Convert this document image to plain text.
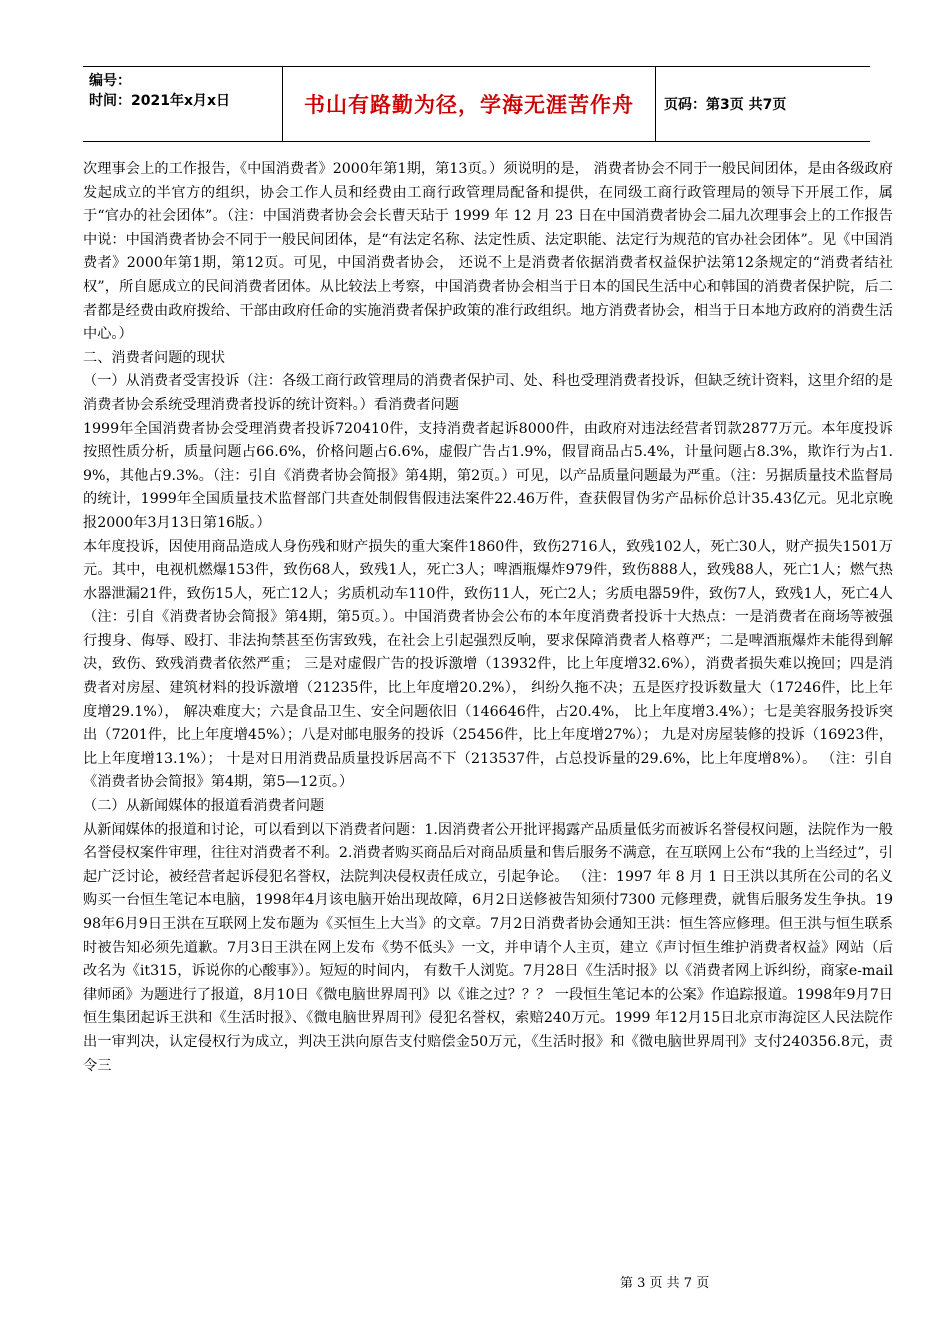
编号：
时间：2021年x月x日	书山有路勤为径，学海无涯苦作舟	页码：第3页 共7页

次理事会上的工作报告，《中国消费者》2000年第1期，第13页。）须说明的是， 消费者协会不同于一般民间团体，是由各级政府发起成立的半官方的组织，协会工作人员和经费由工商行政管理局配备和提供，在同级工商行政管理局的领导下开展工作，属于“官办的社会团体”。（注：中国消费者协会会长曹天玷于 1999 年 12 月 23 日在中国消费者协会二届九次理事会上的工作报告中说：中国消费者协会不同于一般民间团体，是“有法定名称、法定性质、法定职能、法定行为规范的官办社会团体”。见《中国消费者》2000年第1期，第12页。可见，中国消费者协会， 还说不上是消费者依据消费者权益保护法第12条规定的“消费者结社权”，所自愿成立的民间消费者团体。从比较法上考察，中国消费者协会相当于日本的国民生活中心和韩国的消费者保护院，后二者都是经费由政府拨给、干部由政府任命的实施消费者保护政策的准行政组织。地方消费者协会，相当于日本地方政府的消费生活中心。）

二、消费者问题的现状

（一）从消费者受害投诉（注：各级工商行政管理局的消费者保护司、处、科也受理消费者投诉，但缺乏统计资料，这里介绍的是消费者协会系统受理消费者投诉的统计资料。）看消费者问题

1999年全国消费者协会受理消费者投诉720410件，支持消费者起诉8000件，由政府对违法经营者罚款2877万元。本年度投诉按照性质分析，质量问题占66.6%，价格问题占6.6%，虚假广告占1.9%，假冒商品占5.4%，计量问题占8.3%，欺诈行为占1.9%，其他占9.3%。（注：引自《消费者协会简报》第4期，第2页。）可见，以产品质量问题最为严重。（注：另据质量技术监督局的统计，1999年全国质量技术监督部门共查处制假售假违法案件22.46万件，查获假冒伪劣产品标价总计35.43亿元。见北京晚报2000年3月13日第16版。）

本年度投诉，因使用商品造成人身伤残和财产损失的重大案件1860件，致伤2716人，致残102人，死亡30人，财产损失1501万元。其中，电视机燃爆153件，致伤68人，致残1人，死亡3人；啤酒瓶爆炸979件，致伤888人，致残88人，死亡1人；燃气热水器泄漏21件，致伤15人，死亡12人；劣质机动车110件，致伤11人，死亡2人；劣质电器59件，致伤7人，致残1人，死亡4人（注：引自《消费者协会简报》第4期，第5页。）。中国消费者协会公布的本年度消费者投诉十大热点：一是消费者在商场等被强行搜身、侮辱、殴打、非法拘禁甚至伤害致残，在社会上引起强烈反响，要求保障消费者人格尊严；二是啤酒瓶爆炸未能得到解决，致伤、致残消费者依然严重； 三是对虚假广告的投诉激增（13932件，比上年度增32.6%），消费者损失难以挽回；四是消费者对房屋、建筑材料的投诉激增（21235件，比上年度增20.2%）， 纠纷久拖不决；五是医疗投诉数量大（17246件，比上年度增29.1%）， 解决难度大；六是食品卫生、安全问题依旧（146646件，占20.4%， 比上年度增3.4%）；七是美容服务投诉突出（7201件，比上年度增45%）；八是对邮电服务的投诉（25456件，比上年度增27%）； 九是对房屋装修的投诉（16923件，比上年度增13.1%）； 十是对日用消费品质量投诉居高不下（213537件，占总投诉量的29.6%，比上年度增8%）。 （注：引自《消费者协会简报》第4期，第5—12页。）

（二）从新闻媒体的报道看消费者问题

从新闻媒体的报道和讨论，可以看到以下消费者问题：1.因消费者公开批评揭露产品质量低劣而被诉名誉侵权问题，法院作为一般名誉侵权案件审理，往往对消费者不利。2.消费者购买商品后对商品质量和售后服务不满意，在互联网上公布“我的上当经过”，引起广泛讨论，被经营者起诉侵犯名誉权，法院判决侵权责任成立，引起争论。 （注：1997 年 8 月 1 日王洪以其所在公司的名义购买一台恒生笔记本电脑，1998年4月该电脑开始出现故障，6月2日送修被告知须付7300 元修理费，就售后服务发生争执。1998年6月9日王洪在互联网上发布题为《买恒生上大当》的文章。7月2日消费者协会通知王洪：恒生答应修理。但王洪与恒生联系时被告知必须先道歉。7月3日王洪在网上发布《势不低头》一文，并申请个人主页，建立《声讨恒生维护消费者权益》网站（后改名为《it315，诉说你的心酸事》）。短短的时间内， 有数千人浏览。7月28日《生活时报》以《消费者网上诉纠纷，商家e-mail 律师函》为题进行了报道，8月10日《微电脑世界周刊》以《谁之过？？？ 一段恒生笔记本的公案》作追踪报道。1998年9月7日恒生集团起诉王洪和《生活时报》、《微电脑世界周刊》侵犯名誉权，索赔240万元。1999 年12月15日北京市海淀区人民法院作出一审判决，认定侵权行为成立，判决王洪向原告支付赔偿金50万元，《生活时报》和《微电脑世界周刊》支付240356.8元，责令三

第 3 页 共 7 页
